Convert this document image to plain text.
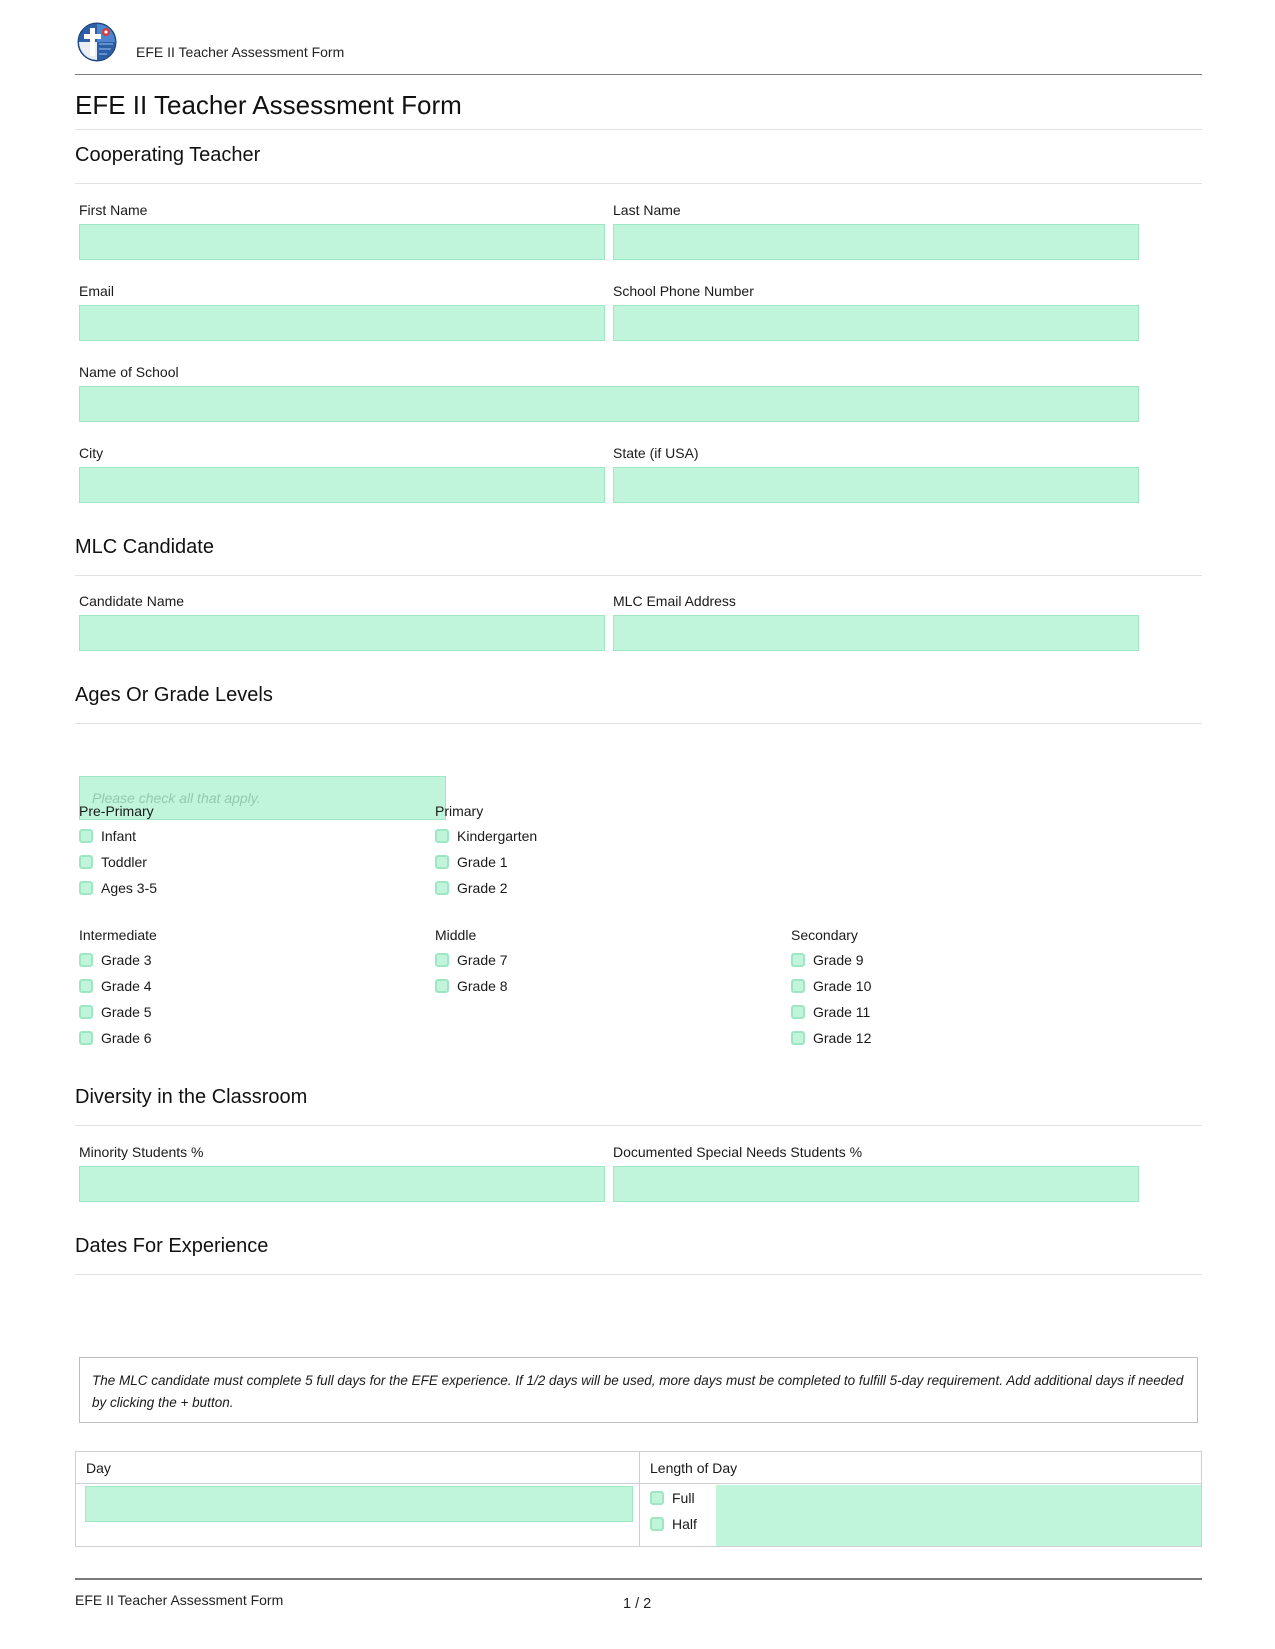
EFE II Teacher Assessment Form
EFE II Teacher Assessment Form
Cooperating Teacher
First Name	Last Name
Email	School Phone Number
Name of School
City	State (if USA)
MLC Candidate
Candidate Name	MLC Email Address
Ages Or Grade Levels
Please check all that apply.
Pre-Primary
Infant
Toddler
Ages 3-5
Primary
Kindergarten
Grade 1
Grade 2
Intermediate
Grade 3
Grade 4
Grade 5
Grade 6
Middle
Grade 7
Grade 8
Secondary
Grade 9
Grade 10
Grade 11
Grade 12
Diversity in the Classroom
Minority Students %	Documented Special Needs Students %
Dates For Experience
The MLC candidate must complete 5 full days for the EFE experience. If 1/2 days will be used, more days must be completed to fulfill 5-day requirement. Add additional days if needed by clicking the + button.
Day	Length of Day
Full
Half
EFE II Teacher Assessment Form	1 / 2
